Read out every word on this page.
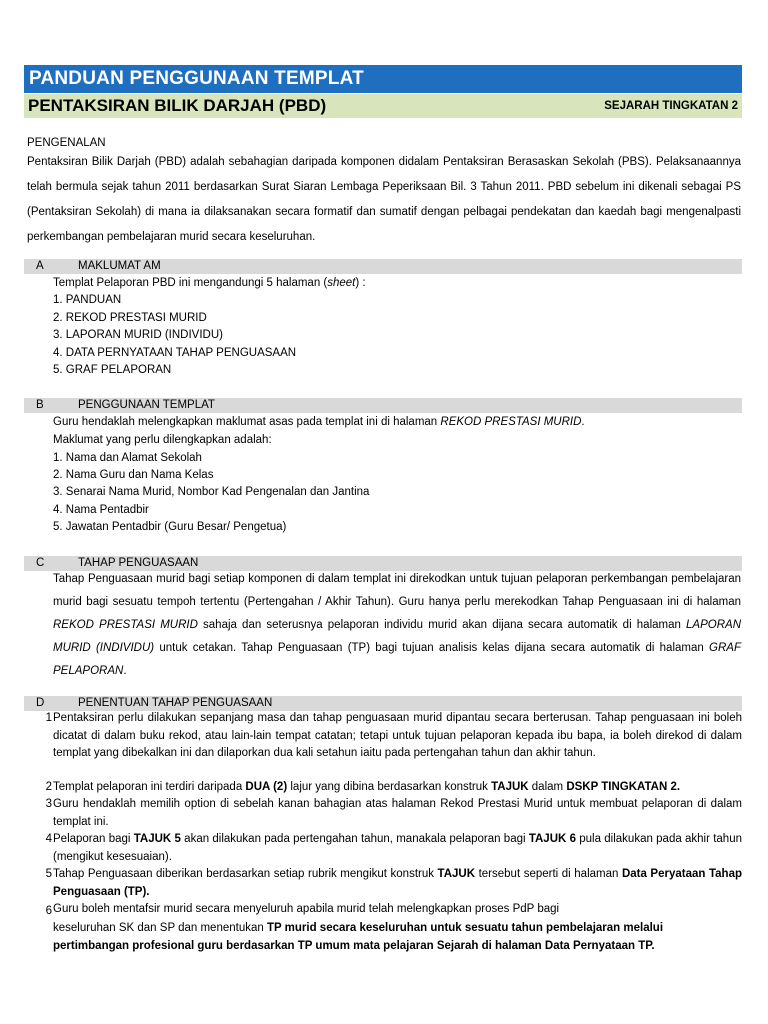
PANDUAN PENGGUNAAN TEMPLAT
PENTAKSIRAN BILIK DARJAH (PBD)	SEJARAH TINGKATAN 2
PENGENALAN

Pentaksiran Bilik Darjah (PBD) adalah sebahagian daripada komponen didalam Pentaksiran Berasaskan Sekolah (PBS). Pelaksanaannya telah bermula sejak tahun 2011 berdasarkan Surat Siaran Lembaga Peperiksaan Bil. 3 Tahun 2011. PBD sebelum ini dikenali sebagai PS (Pentaksiran Sekolah) di mana ia dilaksanakan secara formatif dan sumatif dengan pelbagai pendekatan dan kaedah bagi mengenalpasti perkembangan pembelajaran murid secara keseluruhan.

A	MAKLUMAT AM
Templat Pelaporan PBD ini mengandungi 5 halaman (sheet) :
1. PANDUAN
2. REKOD PRESTASI MURID
3. LAPORAN MURID (INDIVIDU)
4. DATA PERNYATAAN TAHAP PENGUASAAN
5. GRAF PELAPORAN
B	PENGGUNAAN TEMPLAT
Guru hendaklah melengkapkan maklumat asas pada templat ini di halaman REKOD PRESTASI MURID.
Maklumat yang perlu dilengkapkan adalah:
1. Nama dan Alamat Sekolah
2. Nama Guru dan Nama Kelas
3. Senarai Nama Murid, Nombor Kad Pengenalan dan Jantina
4. Nama Pentadbir
5. Jawatan Pentadbir (Guru Besar/ Pengetua)
C	TAHAP PENGUASAAN

Tahap Penguasaan murid bagi setiap komponen di dalam templat ini direkodkan untuk tujuan pelaporan perkembangan pembelajaran murid bagi sesuatu tempoh tertentu (Pertengahan / Akhir Tahun). Guru hanya perlu merekodkan Tahap Penguasaan ini di halaman REKOD PRESTASI MURID sahaja dan seterusnya pelaporan individu murid akan dijana secara automatik di halaman LAPORAN MURID (INDIVIDU) untuk cetakan. Tahap Penguasaan (TP) bagi tujuan analisis kelas dijana secara automatik di halaman GRAF PELAPORAN.

D	PENENTUAN TAHAP PENGUASAAN
1 Pentaksiran perlu dilakukan sepanjang masa dan tahap penguasaan murid dipantau secara berterusan. Tahap penguasaan ini boleh dicatat di dalam buku rekod, atau lain-lain tempat catatan; tetapi untuk tujuan pelaporan kepada ibu bapa, ia boleh direkod di dalam templat yang dibekalkan ini dan dilaporkan dua kali setahun iaitu pada pertengahan tahun dan akhir tahun.

2 Templat pelaporan ini terdiri daripada DUA (2) lajur yang dibina berdasarkan konstruk TAJUK dalam DSKP TINGKATAN 2.

3 Guru hendaklah memilih option di sebelah kanan bahagian atas halaman Rekod Prestasi Murid untuk membuat pelaporan di dalam templat ini.

4 Pelaporan bagi TAJUK 5 akan dilakukan pada pertengahan tahun, manakala pelaporan bagi TAJUK 6 pula dilakukan pada akhir tahun (mengikut kesesuaian).

5 Tahap Penguasaan diberikan berdasarkan setiap rubrik mengikut konstruk TAJUK tersebut seperti di halaman Data Peryataan Tahap Penguasaan (TP).

6 Guru boleh mentafsir murid secara menyeluruh apabila murid telah melengkapkan proses PdP bagi
keseluruhan SK dan SP dan menentukan TP murid secara keseluruhan untuk sesuatu tahun pembelajaran melalui
pertimbangan profesional guru berdasarkan TP umum mata pelajaran Sejarah di halaman Data Pernyataan TP.
